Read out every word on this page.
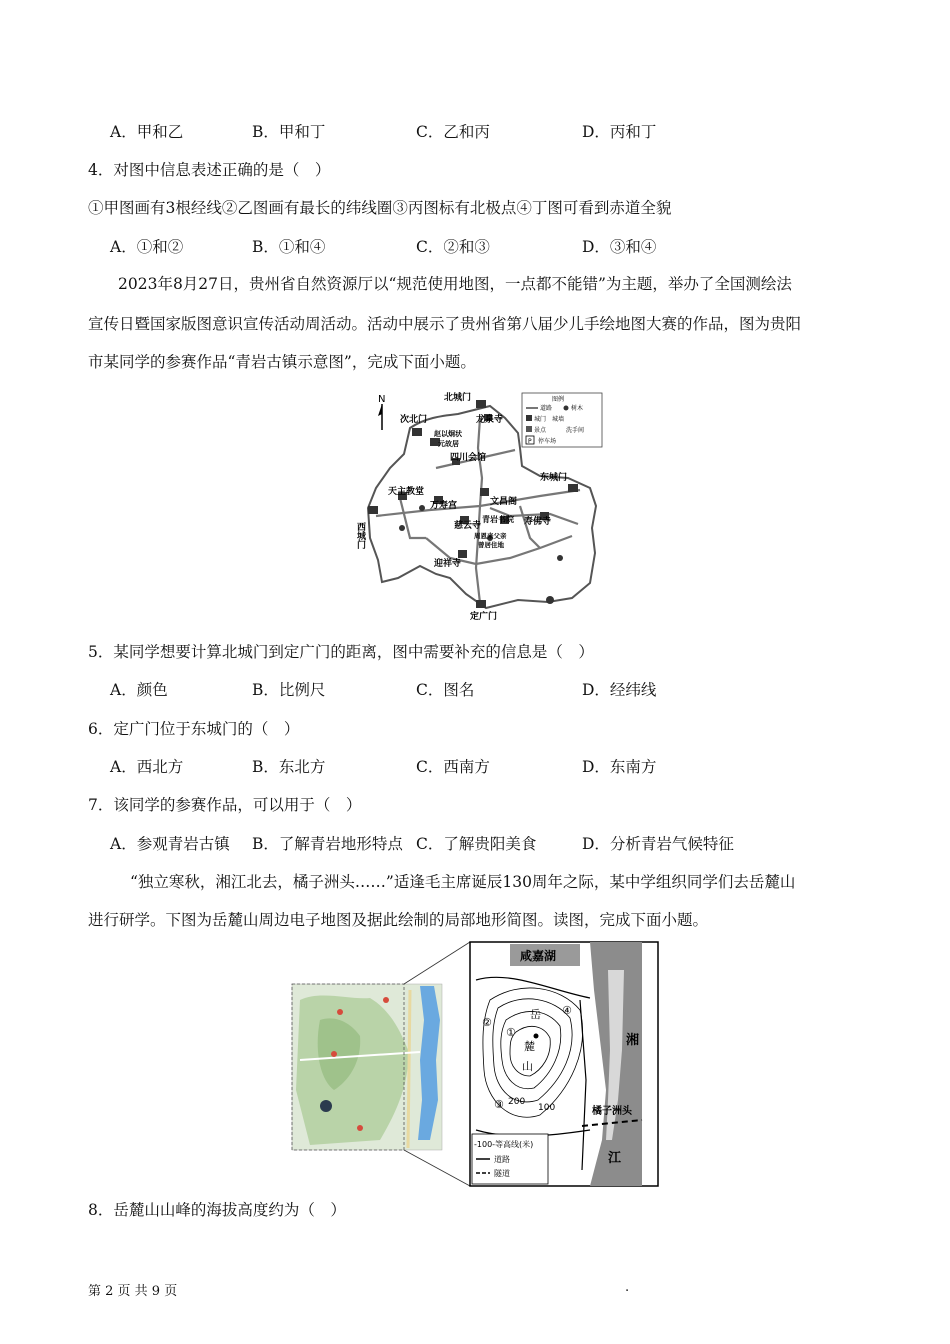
A．甲和乙	B．甲和丁	C．乙和丙	D．丙和丁
4．对图中信息表述正确的是（　）
①甲图画有3根经线②乙图画有最长的纬线圈③丙图标有北极点④丁图可看到赤道全貌
A．①和②	B．①和④	C．②和③	D．③和④
2023年8月27日，贵州省自然资源厅以“规范使用地图，一点都不能错”为主题，举办了全国测绘法
宣传日暨国家版图意识宣传活动周活动。活动中展示了贵州省第八届少儿手绘地图大赛的作品，图为贵阳
市某同学的参赛作品“青岩古镇示意图”，完成下面小题。
N	图例
道路	树木
城门 城墙
景点	洗手间
P 停车场
北城门
次北门	龙泉寺
赵以炯状
元故居
四川会馆
东城门
天主教堂
万寿宫	文昌阁
西城门	慈云寺
青岩书院 寿佛寺
周恩来父亲
曾居住地
迎祥寺
定广门
5．某同学想要计算北城门到定广门的距离，图中需要补充的信息是（　）
A．颜色	B．比例尺	C．图名	D．经纬线
6．定广门位于东城门的（　）
A．西北方	B．东北方	C．西南方	D．东南方
7．该同学的参赛作品，可以用于（　）
A．参观青岩古镇 B．了解青岩地形特点 C．了解贵阳美食	D．分析青岩气候特征
“独立寒秋，湘江北去，橘子洲头……”适逢毛主席诞辰130周年之际，某中学组织同学们去岳麓山
进行研学。下图为岳麓山周边电子地图及据此绘制的局部地形简图。读图，完成下面小题。
-100-等高线(米)
道路
隧道
咸嘉湖
湘
江
橘子洲头
岳
麓
山
200
100
②
①
④
③
8．岳麓山山峰的海拔高度约为（　）
第 2 页 共 9 页	.
